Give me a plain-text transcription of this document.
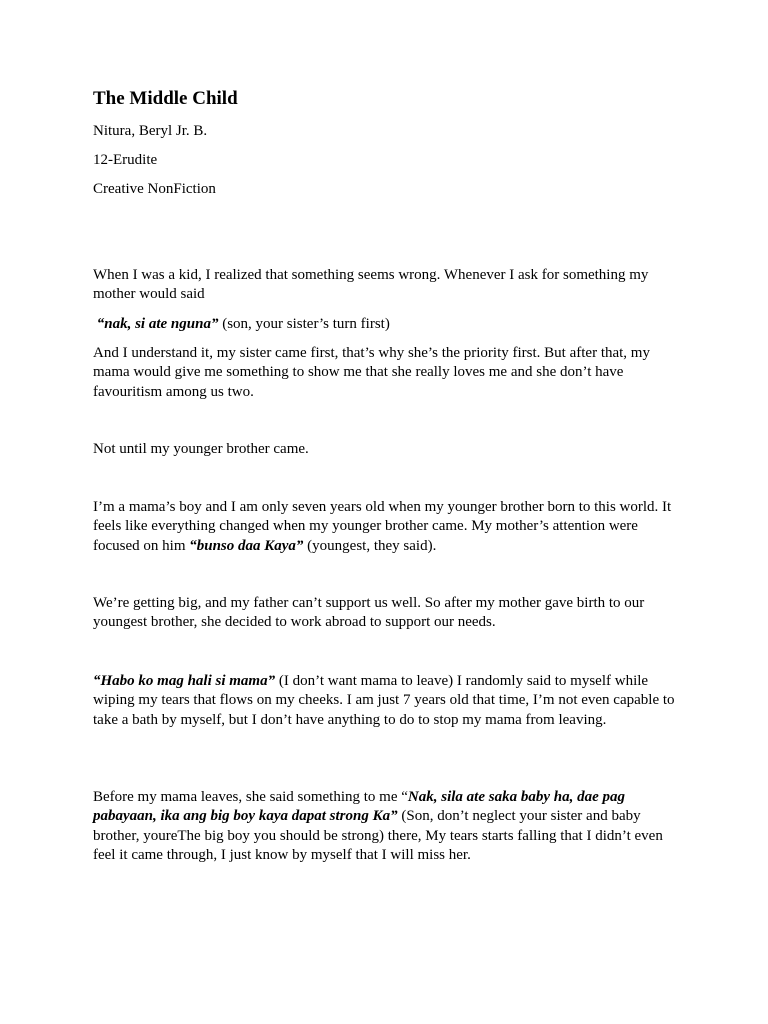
The Middle Child

Nitura, Beryl Jr. B.

12-Erudite

Creative NonFiction

When I was a kid, I realized that something seems wrong. Whenever I ask for something my mother would said

“nak, si ate nguna” (son, your sister’s turn first)

And I understand it, my sister came first, that’s why she’s the priority first. But after that, my mama would give me something to show me that she really loves me and she don’t have favouritism among us two.

Not until my younger brother came.

I’m a mama’s boy and I am only seven years old when my younger brother born to this world. It feels like everything changed when my younger brother came. My mother’s attention were focused on him “bunso daa Kaya” (youngest, they said).

We’re getting big, and my father can’t support us well. So after my mother gave birth to our youngest brother, she decided to work abroad to support our needs.

“Habo ko mag hali si mama” (I don’t want mama to leave) I randomly said to myself while wiping my tears that flows on my cheeks. I am just 7 years old that time, I’m not even capable to take a bath by myself, but I don’t have anything to do to stop my mama from leaving.

Before my mama leaves, she said something to me “Nak, sila ate saka baby ha, dae pag pabayaan, ika ang big boy kaya dapat strong Ka” (Son, don’t neglect your sister and baby brother, youreThe big boy you should be strong) there, My tears starts falling that I didn’t even feel it came through, I just know by myself that I will miss her.
